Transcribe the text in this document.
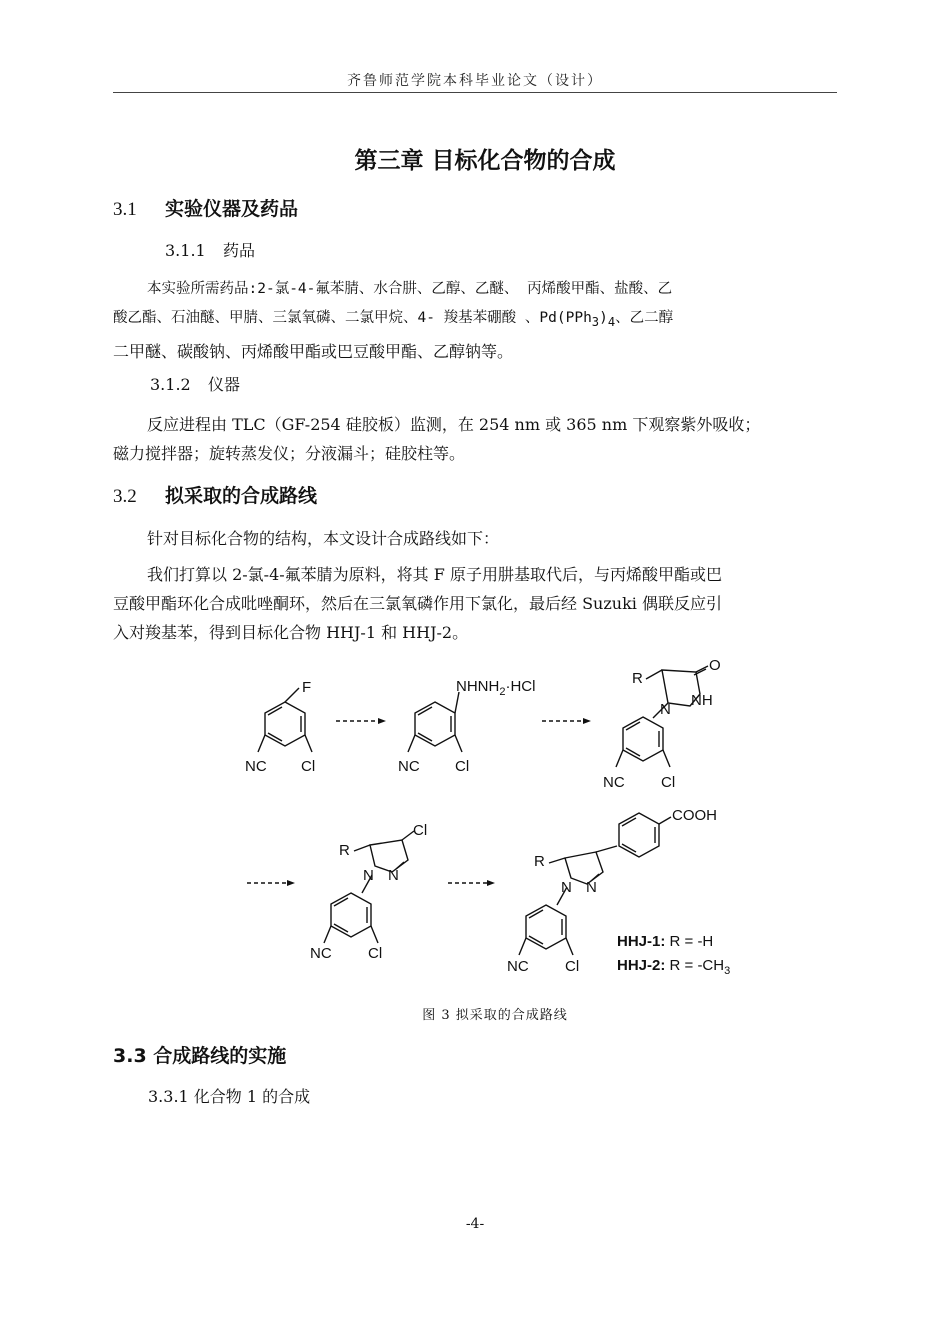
齐鲁师范学院本科毕业论文（设计）
第三章 目标化合物的合成
3.1 实验仪器及药品
3.1.1 药品
本实验所需药品:2-氯-4-氟苯腈、水合肼、乙醇、乙醚、 丙烯酸甲酯、盐酸、乙
酸乙酯、石油醚、甲腈、三氯氧磷、二氯甲烷、4- 羧基苯硼酸 、$Pd(PPh_3)_4$、乙二醇
二甲醚、碳酸钠、丙烯酸甲酯或巴豆酸甲酯、乙醇钠等。
3.1.2 仪器
反应进程由 TLC（GF-254 硅胶板）监测，在 254 nm 或 365 nm 下观察紫外吸收；
磁力搅拌器；旋转蒸发仪；分液漏斗；硅胶柱等。
3.2 拟采取的合成路线
针对目标化合物的结构，本文设计合成路线如下：
我们打算以 2-氯-4-氟苯腈为原料，将其 F 原子用肼基取代后，与丙烯酸甲酯或巴
豆酸甲酯环化合成吡唑酮环，然后在三氯氧磷作用下氯化，最后经 Suzuki 偶联反应引
入对羧基苯，得到目标化合物 HHJ-1 和 HHJ-2。
F
NC Cl
$NHNH_2\cdot HCl$
NC Cl
R
O
NH
N
NC Cl
R
Cl
N N
NC Cl
R
COOH
N N
NC Cl
HHJ-1: R = -H
HHJ-2: $R = -CH_3$
图 3 拟采取的合成路线
3.3 合成路线的实施
3.3.1 化合物 1 的合成
-4-
